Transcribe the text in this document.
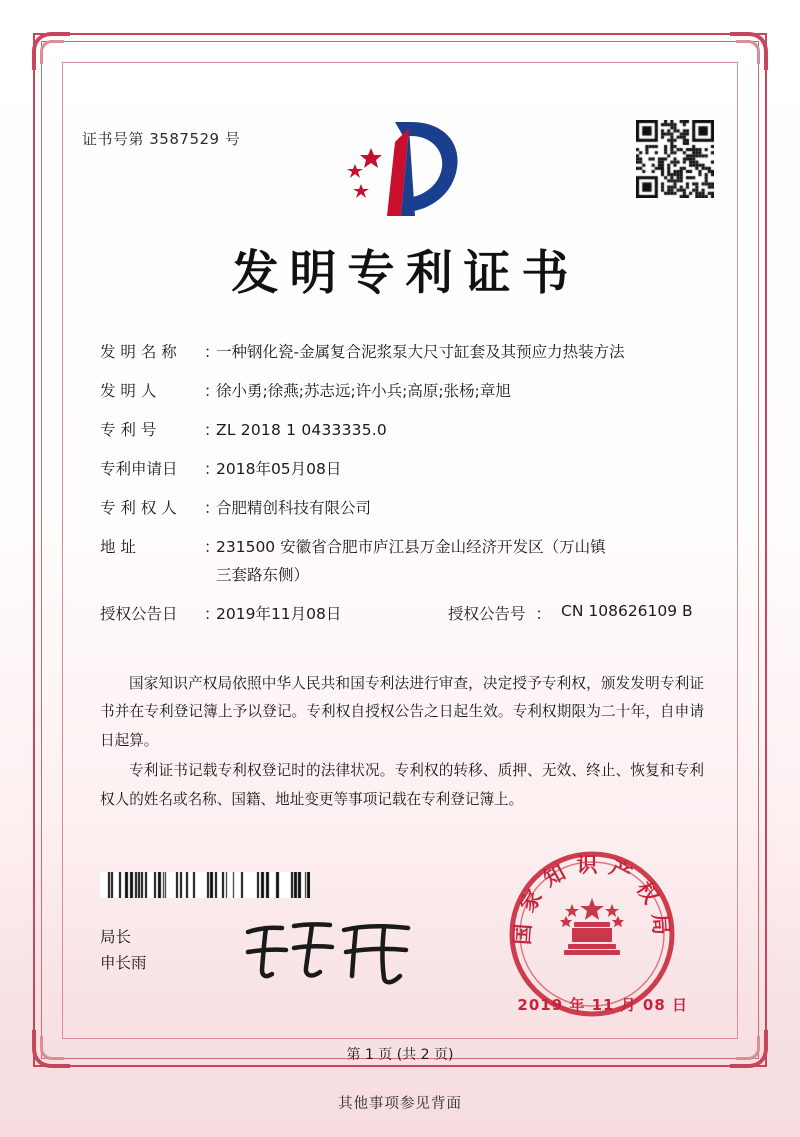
证书号第 3587529 号
发明专利证书
发 明 名 称	：
一种钢化瓷-金属复合泥浆泵大尺寸缸套及其预应力热装方法
发 明 人	：
徐小勇;徐燕;苏志远;许小兵;高原;张杨;章旭
专 利 号	：
ZL 2018 1 0433335.0
专利申请日	：
2018年05月08日
专 利 权 人	：
合肥精创科技有限公司
地 址	：
231500 安徽省合肥市庐江县万金山经济开发区（万山镇
三套路东侧）
授权公告日	：
2019年11月08日	授权公告号 ： CN 108626109 B

国家知识产权局依照中华人民共和国专利法进行审查，决定授予专利权，颁发发明专利证书并在专利登记簿上予以登记。专利权自授权公告之日起生效。专利权期限为二十年，自申请日起算。

专利证书记载专利权登记时的法律状况。专利权的转移、质押、无效、终止、恢复和专利权人的姓名或名称、国籍、地址变更等事项记载在专利登记簿上。

局长
申长雨
国家知识产权局
2019 年 11 月 08 日
第 1 页 (共 2 页)
其他事项参见背面
